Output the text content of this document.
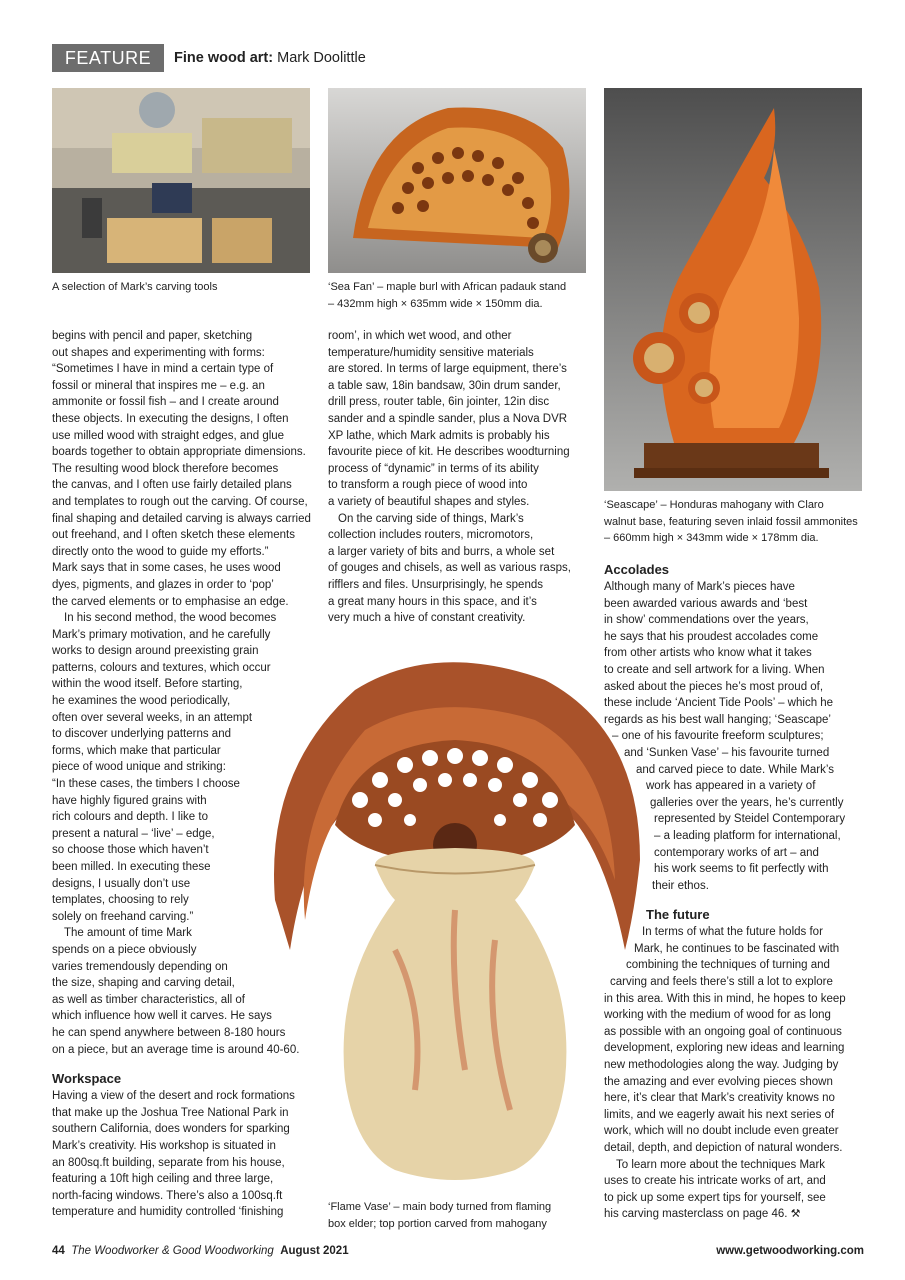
FEATURE Fine wood art: Mark Doolittle
A selection of Mark’s carving tools	‘Sea Fan’ – maple burl with African padauk stand
– 432mm high × 635mm wide × 150mm dia.
‘Seascape’ – Honduras mahogany with Claro
walnut base, featuring seven inlaid fossil ammonites
– 660mm high × 343mm wide × 178mm dia.
‘Flame Vase’ – main body turned from flaming
box elder; top portion carved from mahogany
begins with pencil and paper, sketching
out shapes and experimenting with forms:
“Sometimes I have in mind a certain type of
fossil or mineral that inspires me – e.g. an
ammonite or fossil fish – and I create around
these objects. In executing the designs, I often
use milled wood with straight edges, and glue
boards together to obtain appropriate dimensions.
The resulting wood block therefore becomes
the canvas, and I often use fairly detailed plans
and templates to rough out the carving. Of course,
final shaping and detailed carving is always carried
out freehand, and I often sketch these elements
directly onto the wood to guide my efforts.”
Mark says that in some cases, he uses wood
dyes, pigments, and glazes in order to ‘pop’
the carved elements or to emphasise an edge.
In his second method, the wood becomes
Mark’s primary motivation, and he carefully
works to design around preexisting grain
patterns, colours and textures, which occur
within the wood itself. Before starting,
he examines the wood periodically,
often over several weeks, in an attempt
to discover underlying patterns and
forms, which make that particular
piece of wood unique and striking:
“In these cases, the timbers I choose
have highly figured grains with
rich colours and depth. I like to
present a natural – ‘live’ – edge,
so choose those which haven’t
been milled. In executing these
designs, I usually don’t use
templates, choosing to rely
solely on freehand carving.”
The amount of time Mark
spends on a piece obviously
varies tremendously depending on
the size, shaping and carving detail,
as well as timber characteristics, all of
which influence how well it carves. He says
he can spend anywhere between 8-180 hours
on a piece, but an average time is around 40-60.
Workspace
Having a view of the desert and rock formations
that make up the Joshua Tree National Park in
southern California, does wonders for sparking
Mark’s creativity. His workshop is situated in
an 800sq.ft building, separate from his house,
featuring a 10ft high ceiling and three large,
north-facing windows. There’s also a 100sq.ft
temperature and humidity controlled ‘finishing
room’, in which wet wood, and other
temperature/humidity sensitive materials
are stored. In terms of large equipment, there’s
a table saw, 18in bandsaw, 30in drum sander,
drill press, router table, 6in jointer, 12in disc
sander and a spindle sander, plus a Nova DVR
XP lathe, which Mark admits is probably his
favourite piece of kit. He describes woodturning
process of “dynamic” in terms of its ability
to transform a rough piece of wood into
a variety of beautiful shapes and styles.
On the carving side of things, Mark’s
collection includes routers, micromotors,
a larger variety of bits and burrs, a whole set
of gouges and chisels, as well as various rasps,
rifflers and files. Unsurprisingly, he spends
a great many hours in this space, and it’s
very much a hive of constant creativity.
Accolades
Although many of Mark’s pieces have
been awarded various awards and ‘best
in show’ commendations over the years,
he says that his proudest accolades come
from other artists who know what it takes
to create and sell artwork for a living. When
asked about the pieces he’s most proud of,
these include ‘Ancient Tide Pools’ – which he
regards as his best wall hanging; ‘Seascape’
– one of his favourite freeform sculptures;
and ‘Sunken Vase’ – his favourite turned
and carved piece to date. While Mark’s
work has appeared in a variety of
galleries over the years, he’s currently
represented by Steidel Contemporary
– a leading platform for international,
contemporary works of art – and
his work seems to fit perfectly with
their ethos.
The future
In terms of what the future holds for
Mark, he continues to be fascinated with
combining the techniques of turning and
carving and feels there’s still a lot to explore
in this area. With this in mind, he hopes to keep
working with the medium of wood for as long
as possible with an ongoing goal of continuous
development, exploring new ideas and learning
new methodologies along the way. Judging by
the amazing and ever evolving pieces shown
here, it’s clear that Mark’s creativity knows no
limits, and we eagerly await his next series of
work, which will no doubt include even greater
detail, depth, and depiction of natural wonders.
To learn more about the techniques Mark
uses to create his intricate works of art, and
to pick up some expert tips for yourself, see
his carving masterclass on page 46. ⚒
44 The Woodworker & Good Woodworking August 2021	www.getwoodworking.com
